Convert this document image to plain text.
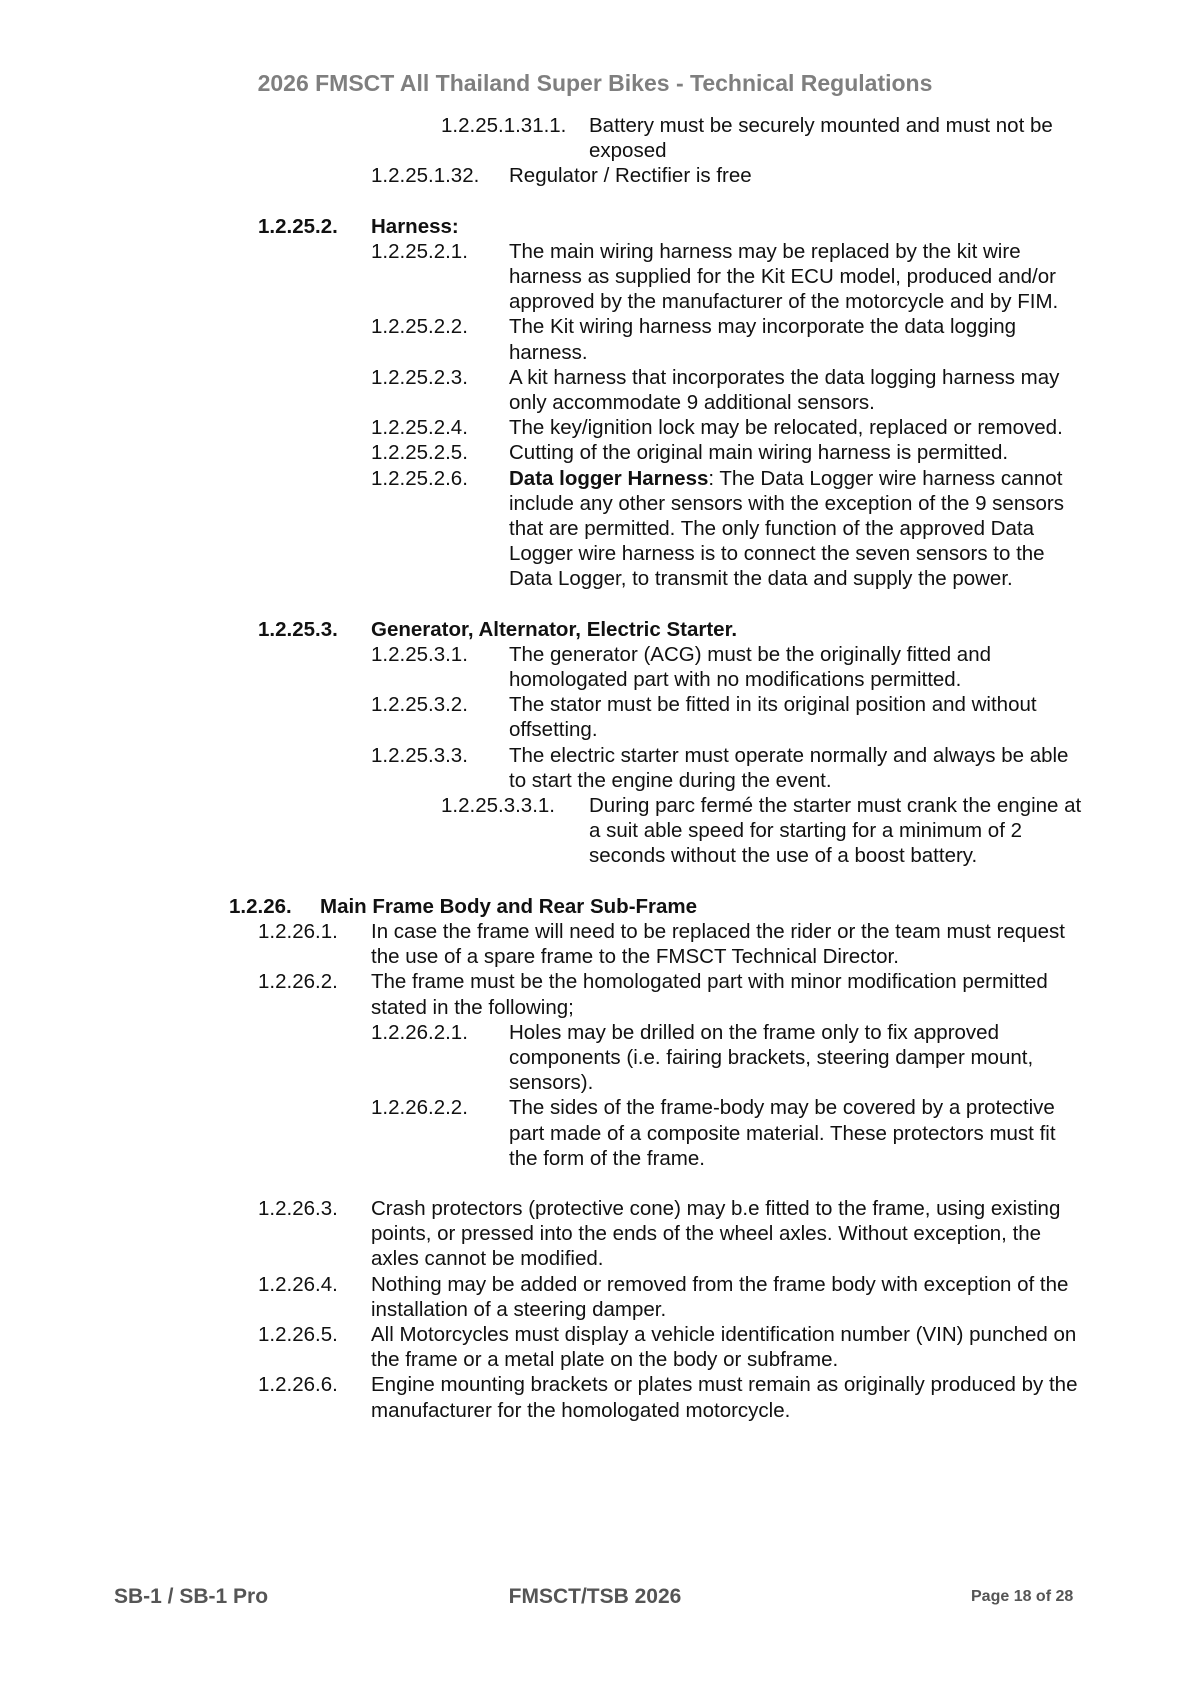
2026 FMSCT All Thailand Super Bikes - Technical Regulations
1.2.25.1.31.1. Battery must be securely mounted and must not be exposed
1.2.25.1.32. Regulator / Rectifier is free
1.2.25.2. Harness:
1.2.25.2.1. The main wiring harness may be replaced by the kit wire harness as supplied for the Kit ECU model, produced and/or approved by the manufacturer of the motorcycle and by FIM.
1.2.25.2.2. The Kit wiring harness may incorporate the data logging harness.
1.2.25.2.3. A kit harness that incorporates the data logging harness may only accommodate 9 additional sensors.
1.2.25.2.4. The key/ignition lock may be relocated, replaced or removed.
1.2.25.2.5. Cutting of the original main wiring harness is permitted.
1.2.25.2.6. Data logger Harness: The Data Logger wire harness cannot include any other sensors with the exception of the 9 sensors that are permitted. The only function of the approved Data Logger wire harness is to connect the seven sensors to the Data Logger, to transmit the data and supply the power.
1.2.25.3. Generator, Alternator, Electric Starter.
1.2.25.3.1. The generator (ACG) must be the originally fitted and homologated part with no modifications permitted.
1.2.25.3.2. The stator must be fitted in its original position and without offsetting.
1.2.25.3.3. The electric starter must operate normally and always be able to start the engine during the event.
1.2.25.3.3.1. During parc fermé the starter must crank the engine at a suit able speed for starting for a minimum of 2 seconds without the use of a boost battery.
1.2.26. Main Frame Body and Rear Sub-Frame
1.2.26.1. In case the frame will need to be replaced the rider or the team must request the use of a spare frame to the FMSCT Technical Director.
1.2.26.2. The frame must be the homologated part with minor modification permitted stated in the following;
1.2.26.2.1. Holes may be drilled on the frame only to fix approved components (i.e. fairing brackets, steering damper mount, sensors).
1.2.26.2.2. The sides of the frame-body may be covered by a protective part made of a composite material. These protectors must fit the form of the frame.
1.2.26.3. Crash protectors (protective cone) may b.e fitted to the frame, using existing points, or pressed into the ends of the wheel axles. Without exception, the axles cannot be modified.
1.2.26.4. Nothing may be added or removed from the frame body with exception of the installation of a steering damper.
1.2.26.5. All Motorcycles must display a vehicle identification number (VIN) punched on the frame or a metal plate on the body or subframe.
1.2.26.6. Engine mounting brackets or plates must remain as originally produced by the manufacturer for the homologated motorcycle.
SB-1 / SB-1 Pro	FMSCT/TSB 2026	Page 18 of 28
